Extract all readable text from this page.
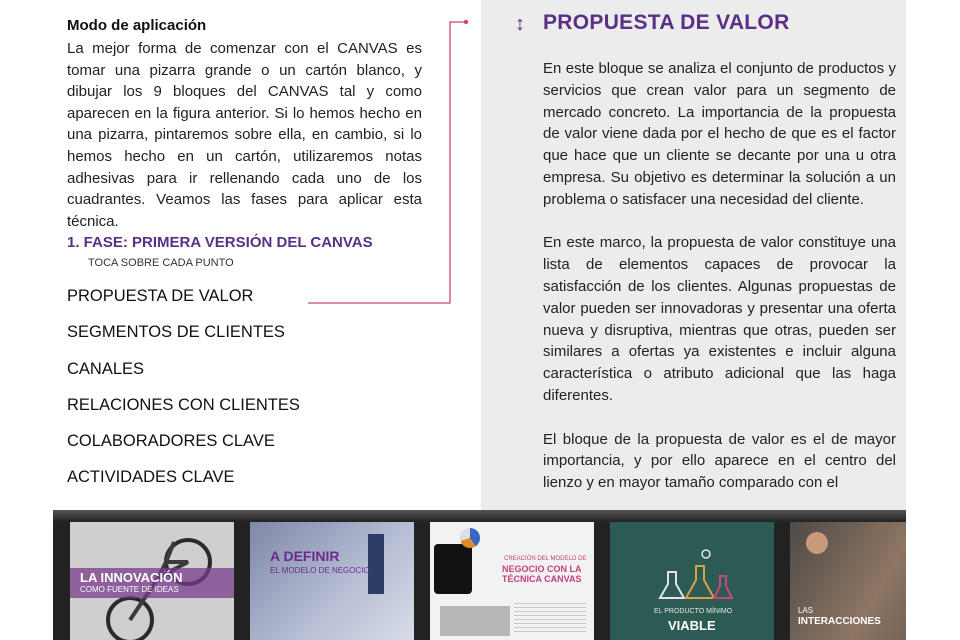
Modo de aplicación
La mejor forma de comenzar con el CANVAS es tomar una pizarra grande o un cartón blanco, y dibujar los 9 bloques del CANVAS tal y como aparecen en la figura anterior. Si lo hemos hecho en una pizarra, pintaremos sobre ella, en cambio, si lo hemos hecho en un cartón, utilizaremos notas adhesivas para ir rellenando cada uno de los cuadrantes. Veamos las fases para aplicar esta técnica.
1. FASE: PRIMERA VERSIÓN DEL CANVAS
TOCA SOBRE CADA PUNTO
PROPUESTA DE VALOR
SEGMENTOS DE CLIENTES
CANALES
RELACIONES CON CLIENTES
COLABORADORES CLAVE
ACTIVIDADES CLAVE
↕ PROPUESTA DE VALOR

En este bloque se analiza el conjunto de productos y servicios que crean valor para un segmento de mercado concreto. La importancia de la propuesta de valor viene dada por el hecho de que es el factor que hace que un cliente se decante por una u otra empresa. Su objetivo es determinar la solución a un problema o satisfacer una necesidad del cliente.

En este marco, la propuesta de valor constituye una lista de elementos capaces de provocar la satisfacción de los clientes. Algunas propuestas de valor pueden ser innovadoras y presentar una oferta nueva y disruptiva, mientras que otras, pueden ser similares a ofertas ya existentes e incluir alguna característica o atributo adicional que las haga diferentes.

El bloque de la propuesta de valor es el de mayor importancia, y por ello aparece en el centro del lienzo y en mayor tamaño comparado con el

LA INNOVACIÓN
COMO FUENTE DE IDEAS
A DEFINIR
EL MODELO DE NEGOCIO
CREACIÓN DEL MODELO DE
NEGOCIO CON LA TÉCNICA CANVAS
EL PRODUCTO MÍNIMO
VIABLE
LAS
INTERACCIONES
